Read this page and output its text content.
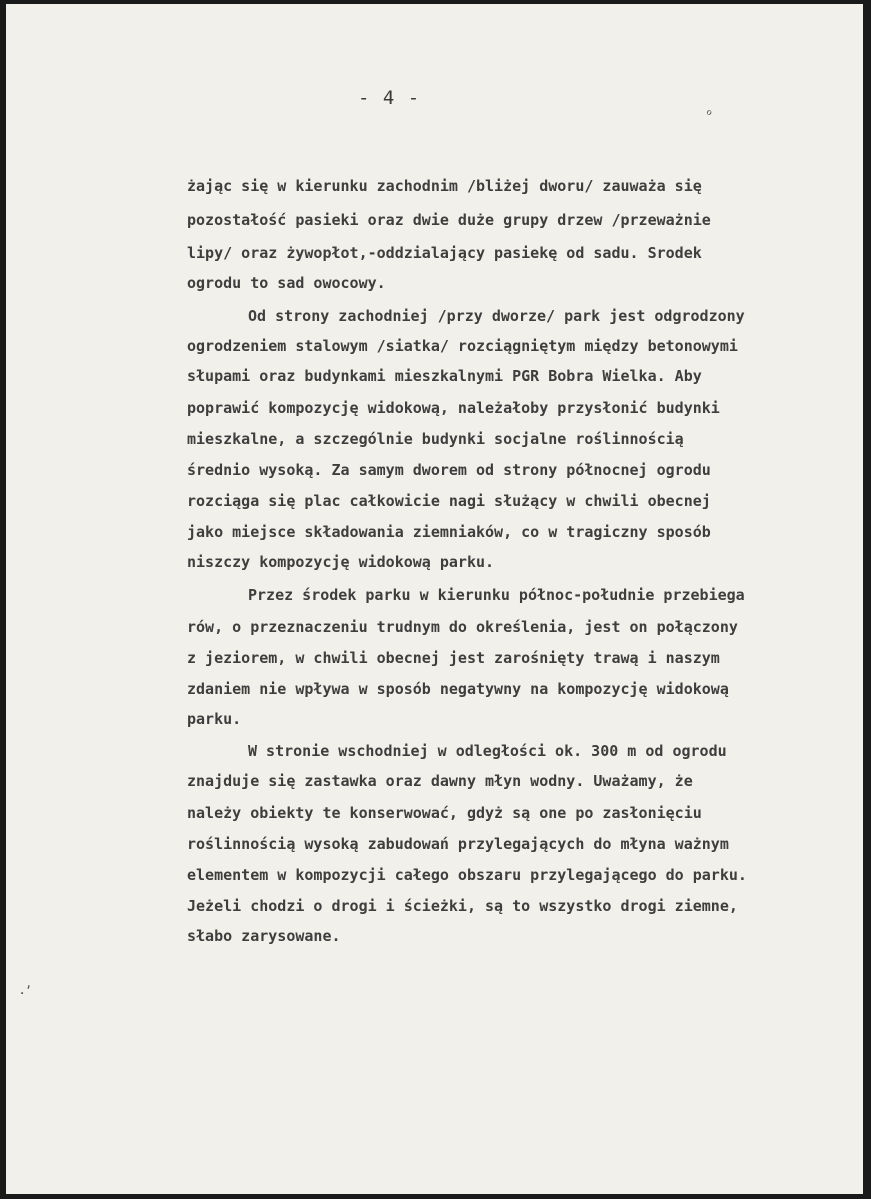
- 4 -
ℴ
⠠ʼ
żając się w kierunku zachodnim /bliżej dworu/ zauważa się
pozostałość pasieki oraz dwie duże grupy drzew /przeważnie
lipy/ oraz żywopłot,-oddzialający pasiekę od sadu. Srodek
ogrodu to sad owocowy.
Od strony zachodniej /przy dworze/ park jest odgrodzony
ogrodzeniem stalowym /siatka/ rozciągniętym między betonowymi
słupami oraz budynkami mieszkalnymi PGR Bobra Wielka. Aby
poprawić kompozycję widokową, należałoby przysłonić budynki
mieszkalne, a szczególnie budynki socjalne roślinnością
średnio wysoką. Za samym dworem od strony północnej ogrodu
rozciąga się plac całkowicie nagi służący w chwili obecnej
jako miejsce składowania ziemniaków, co w tragiczny sposób
niszczy kompozycję widokową parku.
Przez środek parku w kierunku północ-południe przebiega
rów, o przeznaczeniu trudnym do określenia, jest on połączony
z jeziorem, w chwili obecnej jest zarośnięty trawą i naszym
zdaniem nie wpływa w sposób negatywny na kompozycję widokową
parku.
W stronie wschodniej w odległości ok. 300 m od ogrodu
znajduje się zastawka oraz dawny młyn wodny. Uważamy, że
należy obiekty te konserwować, gdyż są one po zasłonięciu
roślinnością wysoką zabudowań przylegających do młyna ważnym
elementem w kompozycji całego obszaru przylegającego do parku.
Jeżeli chodzi o drogi i ścieżki, są to wszystko drogi ziemne,
słabo zarysowane.
